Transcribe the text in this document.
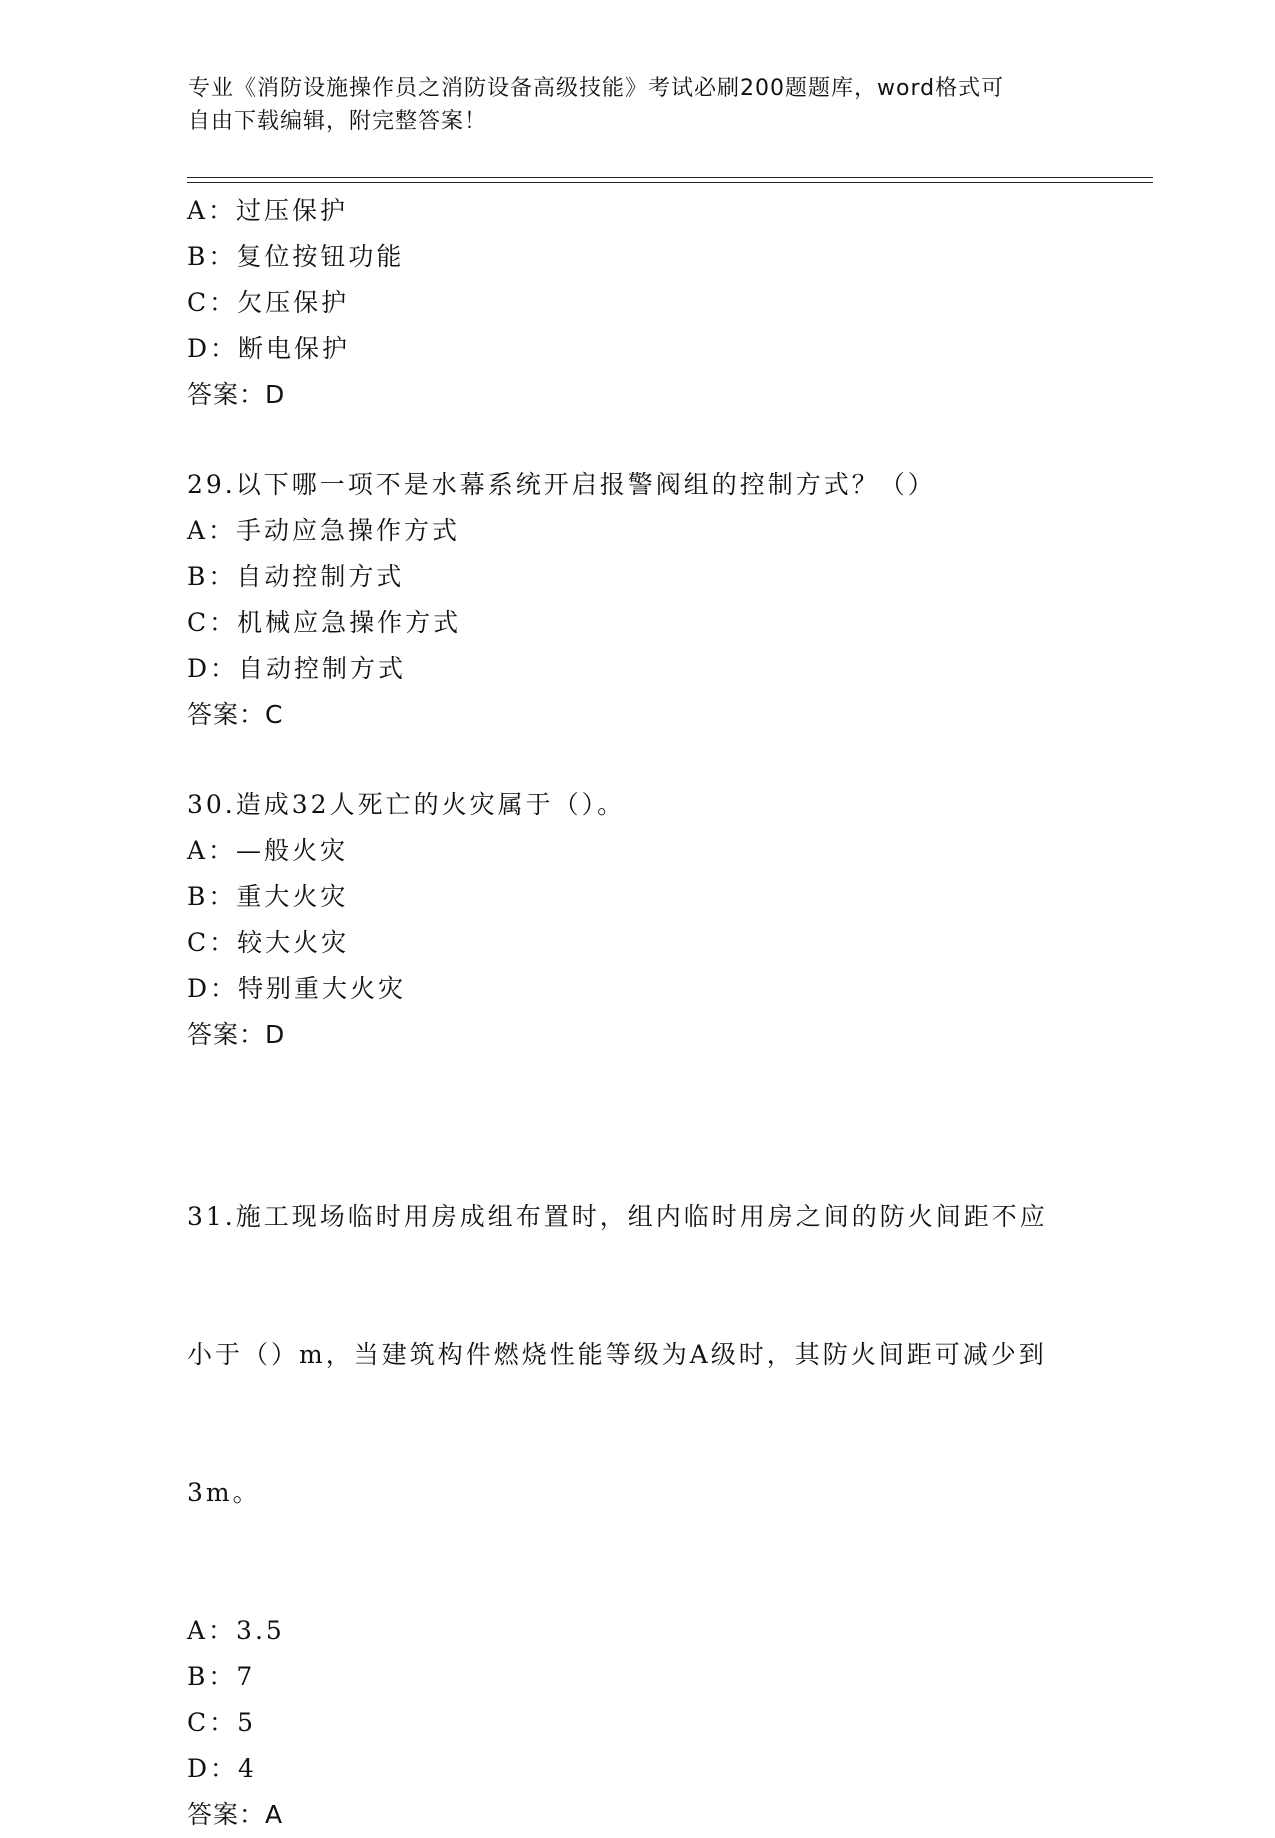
专业《消防设施操作员之消防设备高级技能》考试必刷200题题库，word格式可
自由下载编辑，附完整答案！
A：过压保护
B：复位按钮功能
C：欠压保护
D：断电保护
答案：D
29.以下哪一项不是水幕系统开启报警阀组的控制方式？（）
A：手动应急操作方式
B：自动控制方式
C：机械应急操作方式
D：自动控制方式
答案：C
30.造成32人死亡的火灾属于（）。
A：—般火灾
B：重大火灾
C：较大火灾
D：特别重大火灾
答案：D

31.施工现场临时用房成组布置时，组内临时用房之间的防火间距不应

小于（）m，当建筑构件燃烧性能等级为A级时，其防火间距可减少到

3m。

A：3.5
B：7
C：5
D：4
答案：A
